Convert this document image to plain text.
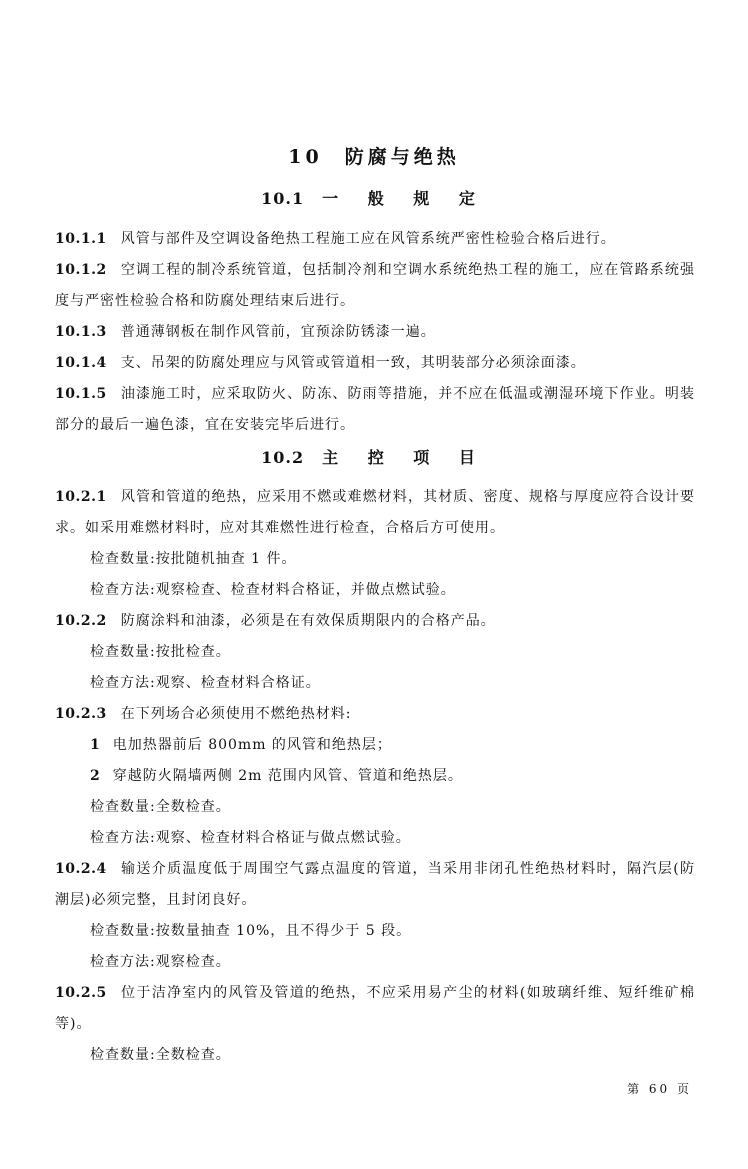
10 防腐与绝热
10.1 一 般 规 定
10.1.1 风管与部件及空调设备绝热工程施工应在风管系统严密性检验合格后进行。
10.1.2 空调工程的制冷系统管道，包括制冷剂和空调水系统绝热工程的施工，应在管路系统强度与严密性检验合格和防腐处理结束后进行。
10.1.3 普通薄钢板在制作风管前，宜预涂防锈漆一遍。
10.1.4 支、吊架的防腐处理应与风管或管道相一致，其明装部分必须涂面漆。
10.1.5 油漆施工时，应采取防火、防冻、防雨等措施，并不应在低温或潮湿环境下作业。明装部分的最后一遍色漆，宜在安装完毕后进行。
10.2 主 控 项 目
10.2.1 风管和管道的绝热，应采用不燃或难燃材料，其材质、密度、规格与厚度应符合设计要求。如采用难燃材料时，应对其难燃性进行检查，合格后方可使用。
检查数量:按批随机抽查 1 件。
检查方法:观察检查、检查材料合格证，并做点燃试验。
10.2.2 防腐涂料和油漆，必须是在有效保质期限内的合格产品。
检查数量:按批检查。
检查方法:观察、检查材料合格证。
10.2.3 在下列场合必须使用不燃绝热材料:
1 电加热器前后 800mm 的风管和绝热层；
2 穿越防火隔墙两侧 2m 范围内风管、管道和绝热层。
检查数量:全数检查。
检查方法:观察、检查材料合格证与做点燃试验。
10.2.4 输送介质温度低于周围空气露点温度的管道，当采用非闭孔性绝热材料时，隔汽层(防潮层)必须完整，且封闭良好。
检查数量:按数量抽查 10%，且不得少于 5 段。
检查方法:观察检查。
10.2.5 位于洁净室内的风管及管道的绝热，不应采用易产尘的材料(如玻璃纤维、短纤维矿棉等)。
检查数量:全数检查。
第 60 页
